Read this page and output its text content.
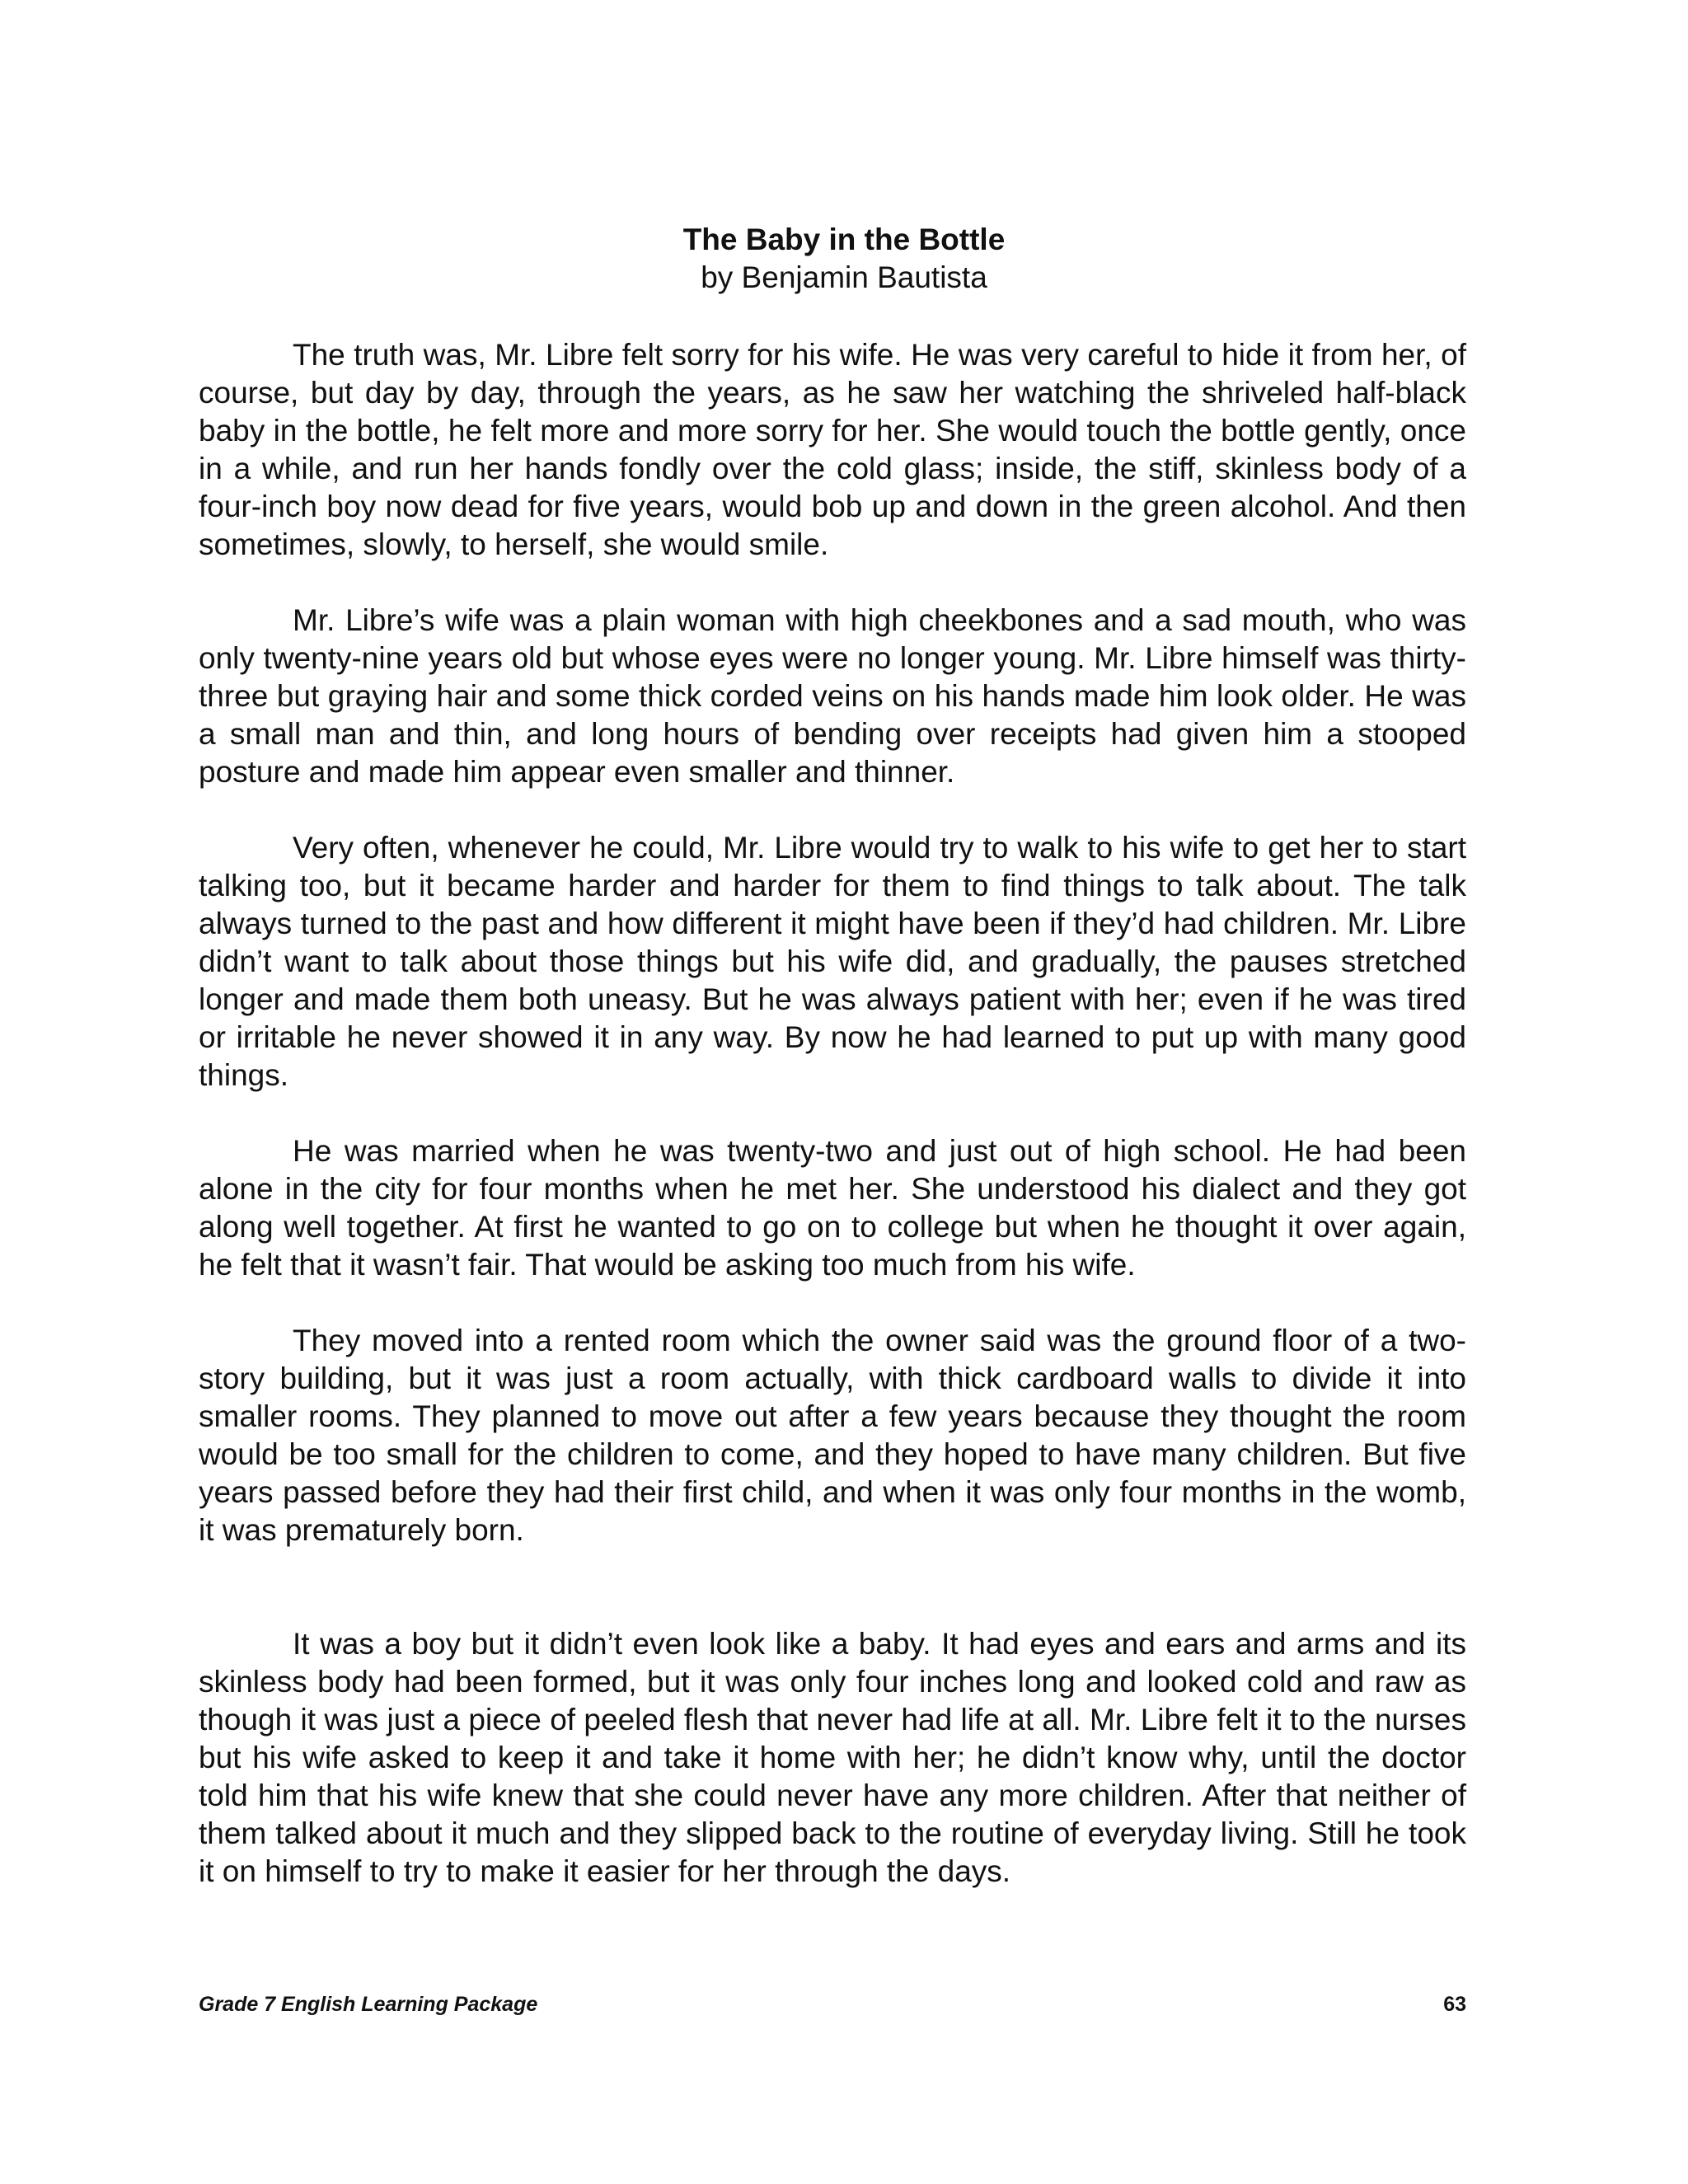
The Baby in the Bottle
by Benjamin Bautista

The truth was, Mr. Libre felt sorry for his wife. He was very careful to hide it from her, of course, but day by day, through the years, as he saw her watching the shriveled half-black baby in the bottle, he felt more and more sorry for her. She would touch the bottle gently, once in a while, and run her hands fondly over the cold glass; inside, the stiff, skinless body of a four-inch boy now dead for five years, would bob up and down in the green alcohol. And then sometimes, slowly, to herself, she would smile.

Mr. Libre’s wife was a plain woman with high cheekbones and a sad mouth, who was only twenty-nine years old but whose eyes were no longer young. Mr. Libre himself was thirty-three but graying hair and some thick corded veins on his hands made him look older. He was a small man and thin, and long hours of bending over receipts had given him a stooped posture and made him appear even smaller and thinner.

Very often, whenever he could, Mr. Libre would try to walk to his wife to get her to start talking too, but it became harder and harder for them to find things to talk about. The talk always turned to the past and how different it might have been if they’d had children. Mr. Libre didn’t want to talk about those things but his wife did, and gradually, the pauses stretched longer and made them both uneasy. But he was always patient with her; even if he was tired or irritable he never showed it in any way. By now he had learned to put up with many good things.

He was married when he was twenty-two and just out of high school. He had been alone in the city for four months when he met her. She understood his dialect and they got along well together. At first he wanted to go on to college but when he thought it over again, he felt that it wasn’t fair. That would be asking too much from his wife.

They moved into a rented room which the owner said was the ground floor of a two-story building, but it was just a room actually, with thick cardboard walls to divide it into smaller rooms. They planned to move out after a few years because they thought the room would be too small for the children to come, and they hoped to have many children. But five years passed before they had their first child, and when it was only four months in the womb, it was prematurely born.

It was a boy but it didn’t even look like a baby. It had eyes and ears and arms and its skinless body had been formed, but it was only four inches long and looked cold and raw as though it was just a piece of peeled flesh that never had life at all. Mr. Libre felt it to the nurses but his wife asked to keep it and take it home with her; he didn’t know why, until the doctor told him that his wife knew that she could never have any more children. After that neither of them talked about it much and they slipped back to the routine of everyday living. Still he took it on himself to try to make it easier for her through the days.

Grade 7 English Learning Package	63
